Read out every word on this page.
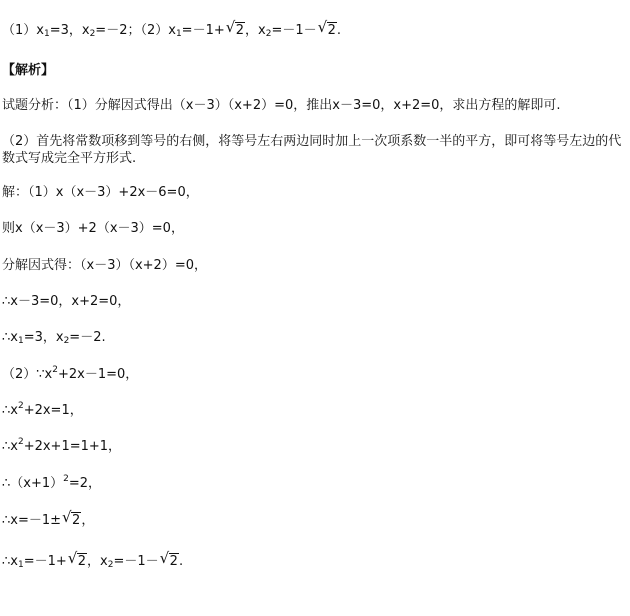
（1）x1=3，x2=－2；（2）x1=－1+ √ 2，x2=－1－ √ 2.
【解析】
试题分析：（1）分解因式得出（x－3）（x+2）=0，推出x－3=0，x+2=0，求出方程的解即可.
（2）首先将常数项移到等号的右侧，将等号左右两边同时加上一次项系数一半的平方，即可将等号左边的代数式写成完全平方形式.
解：（1）x（x－3）+2x－6=0，
则x（x－3）+2（x－3）=0，
分解因式得：（x－3）（x+2）=0，
∴x－3=0，x+2=0，
∴x1=3，x2=－2.
$(2)\because x^2+2x-1=0$，
$\therefore x^2+2x=1$，
$\therefore x^2+2x+1=1+1$，
$\therefore(x+1)^2=2$，
∴x=－1± √ 2，
∴x1=－1+ √ 2，x2=－1－ √ 2.
